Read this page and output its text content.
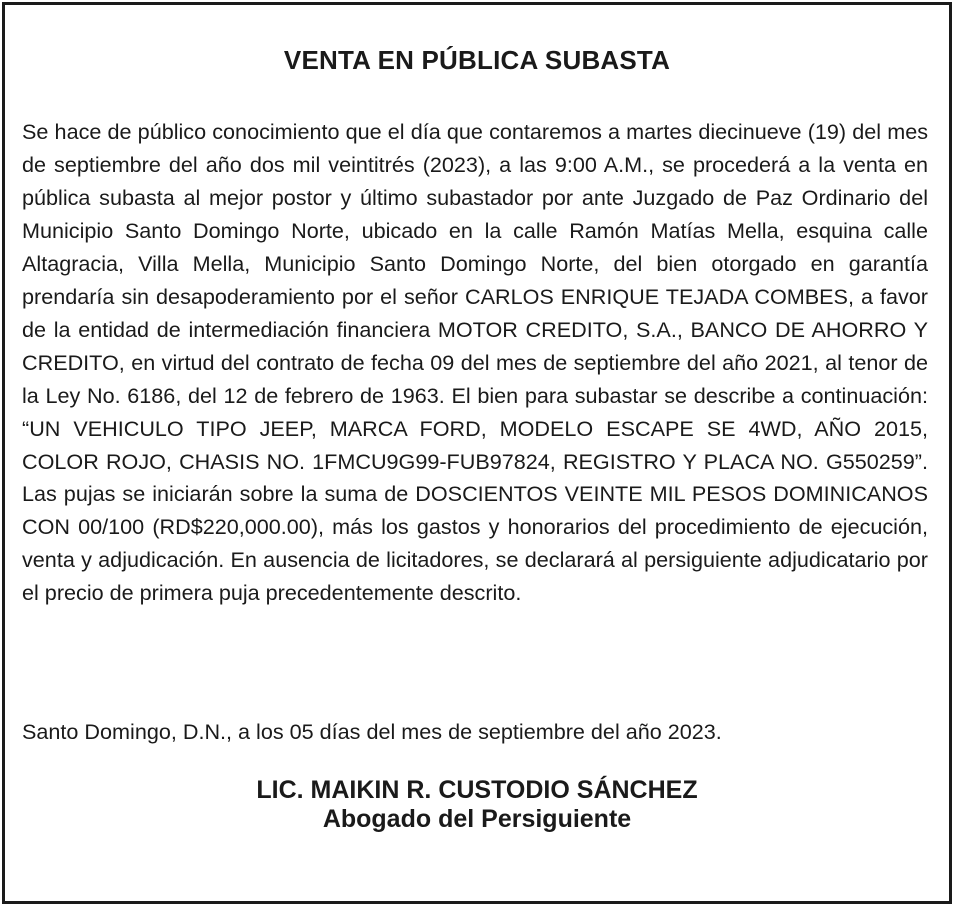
VENTA EN PÚBLICA SUBASTA

Se hace de público conocimiento que el día que contaremos a martes diecinueve (19) del mes de septiembre del año dos mil veintitrés (2023), a las 9:00 A.M., se procederá a la venta en pública subasta al mejor postor y último subastador por ante Juzgado de Paz Ordinario del Municipio Santo Domingo Norte, ubicado en la calle Ramón Matías Mella, esquina calle Altagracia, Villa Mella, Municipio Santo Domingo Norte, del bien otorgado en garantía prendaría sin desapoderamiento por el señor CARLOS ENRIQUE TEJADA COMBES, a favor de la entidad de intermediación financiera MOTOR CREDITO, S.A., BANCO DE AHORRO Y CREDITO, en virtud del contrato de fecha 09 del mes de septiembre del año 2021, al tenor de la Ley No. 6186, del 12 de febrero de 1963. El bien para subastar se describe a continuación: “UN VEHICULO TIPO JEEP, MARCA FORD, MODELO ESCAPE SE 4WD, AÑO 2015, COLOR ROJO, CHASIS NO. 1FMCU9G99-FUB97824, REGISTRO Y PLACA NO. G550259”. Las pujas se iniciarán sobre la suma de DOSCIENTOS VEINTE MIL PESOS DOMINICANOS CON 00/100 (RD$220,000.00), más los gastos y honorarios del procedimiento de ejecución, venta y adjudicación. En ausencia de licitadores, se declarará al persiguiente adjudicatario por el precio de primera puja precedentemente descrito.

Santo Domingo, D.N., a los 05 días del mes de septiembre del año 2023.

LIC. MAIKIN R. CUSTODIO SÁNCHEZ
Abogado del Persiguiente
